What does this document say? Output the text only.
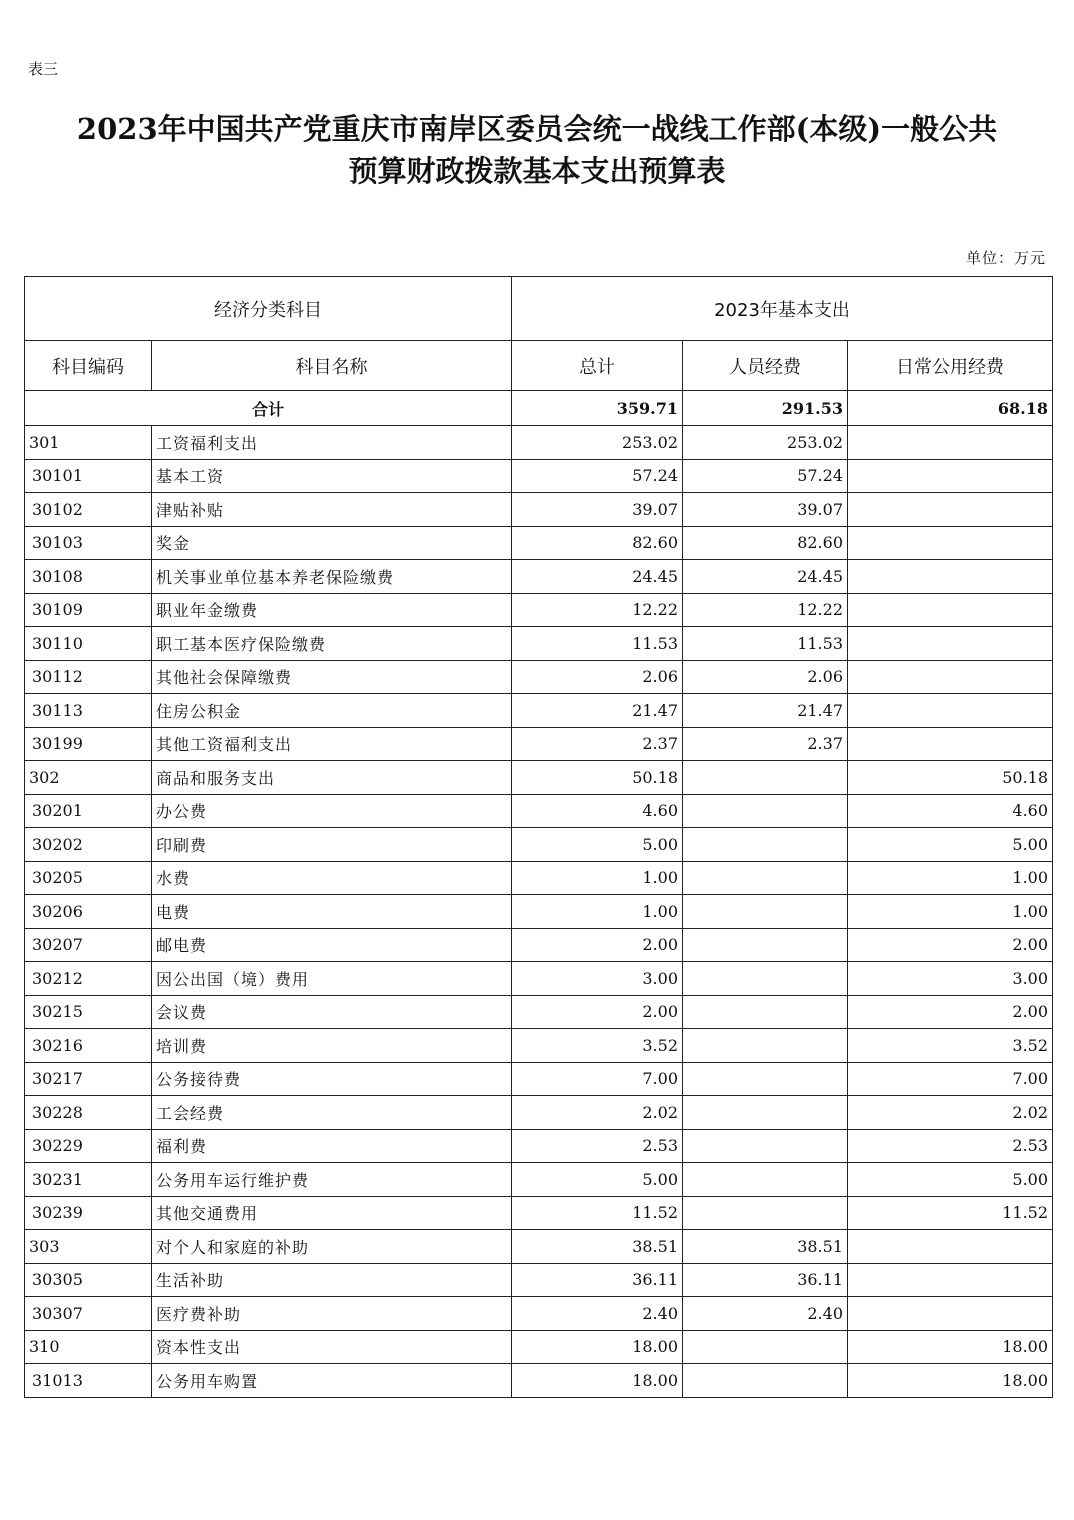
表三
2023年中国共产党重庆市南岸区委员会统一战线工作部(本级)一般公共
预算财政拨款基本支出预算表
单位：万元
经济分类科目		2023年基本支出		
科目编码	科目名称	总计	人员经费	日常公用经费
合计		359.71	291.53	68.18
301	工资福利支出	253.02	253.02	
30101	基本工资	57.24	57.24	
30102	津贴补贴	39.07	39.07	
30103	奖金	82.60	82.60	
30108	机关事业单位基本养老保险缴费	24.45	24.45	
30109	职业年金缴费	12.22	12.22	
30110	职工基本医疗保险缴费	11.53	11.53	
30112	其他社会保障缴费	2.06	2.06	
30113	住房公积金	21.47	21.47	
30199	其他工资福利支出	2.37	2.37	
302	商品和服务支出	50.18		50.18
30201	办公费	4.60		4.60
30202	印刷费	5.00		5.00
30205	水费	1.00		1.00
30206	电费	1.00		1.00
30207	邮电费	2.00		2.00
30212	因公出国（境）费用	3.00		3.00
30215	会议费	2.00		2.00
30216	培训费	3.52		3.52
30217	公务接待费	7.00		7.00
30228	工会经费	2.02		2.02
30229	福利费	2.53		2.53
30231	公务用车运行维护费	5.00		5.00
30239	其他交通费用	11.52		11.52
303	对个人和家庭的补助	38.51	38.51	
30305	生活补助	36.11	36.11	
30307	医疗费补助	2.40	2.40	
310	资本性支出	18.00		18.00
31013	公务用车购置	18.00		18.00
